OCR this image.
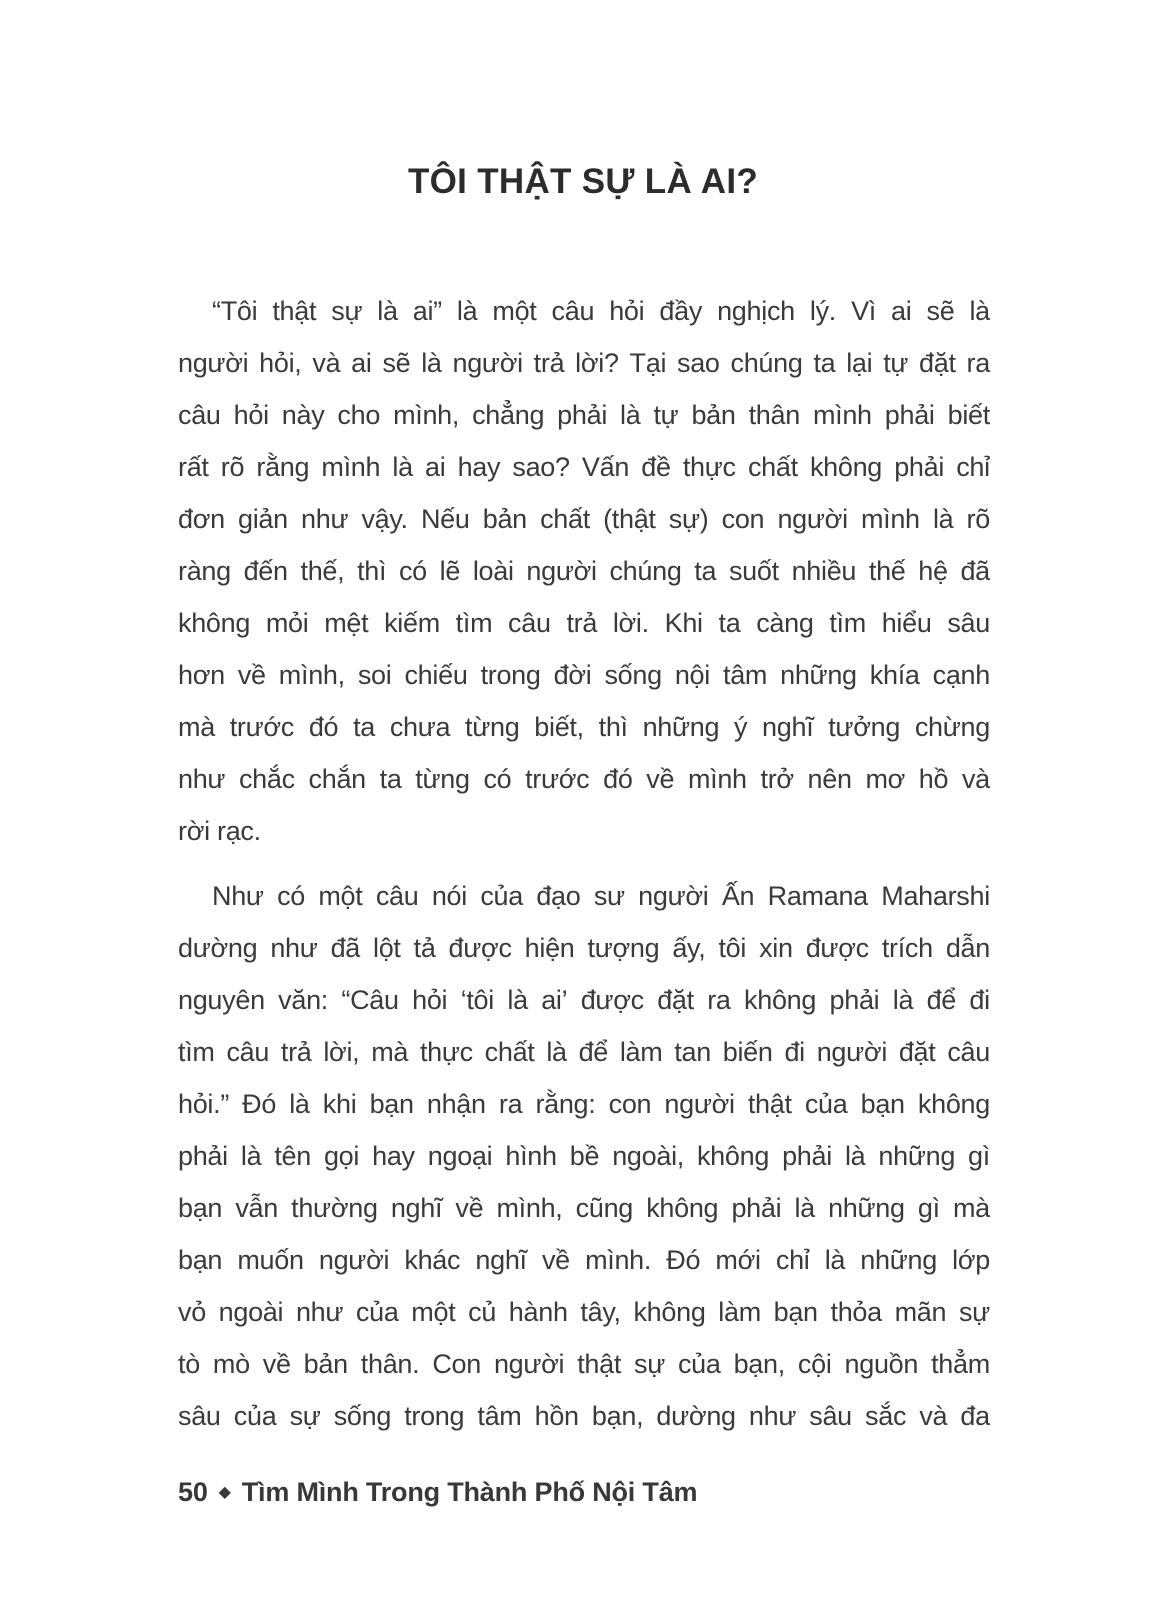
TÔI THẬT SỰ LÀ AI?
“Tôi thật sự là ai” là một câu hỏi đầy nghịch lý. Vì ai sẽ là
người hỏi, và ai sẽ là người trả lời? Tại sao chúng ta lại tự đặt ra
câu hỏi này cho mình, chẳng phải là tự bản thân mình phải biết
rất rõ rằng mình là ai hay sao? Vấn đề thực chất không phải chỉ
đơn giản như vậy. Nếu bản chất (thật sự) con người mình là rõ
ràng đến thế, thì có lẽ loài người chúng ta suốt nhiều thế hệ đã
không mỏi mệt kiếm tìm câu trả lời. Khi ta càng tìm hiểu sâu
hơn về mình, soi chiếu trong đời sống nội tâm những khía cạnh
mà trước đó ta chưa từng biết, thì những ý nghĩ tưởng chừng
như chắc chắn ta từng có trước đó về mình trở nên mơ hồ và
rời rạc.
Như có một câu nói của đạo sư người Ấn Ramana Maharshi
dường như đã lột tả được hiện tượng ấy, tôi xin được trích dẫn
nguyên văn: “Câu hỏi ‘tôi là ai’ được đặt ra không phải là để đi
tìm câu trả lời, mà thực chất là để làm tan biến đi người đặt câu
hỏi.” Đó là khi bạn nhận ra rằng: con người thật của bạn không
phải là tên gọi hay ngoại hình bề ngoài, không phải là những gì
bạn vẫn thường nghĩ về mình, cũng không phải là những gì mà
bạn muốn người khác nghĩ về mình. Đó mới chỉ là những lớp
vỏ ngoài như của một củ hành tây, không làm bạn thỏa mãn sự
tò mò về bản thân. Con người thật sự của bạn, cội nguồn thẳm
sâu của sự sống trong tâm hồn bạn, dường như sâu sắc và đa
50 ◆ Tìm Mình Trong Thành Phố Nội Tâm
